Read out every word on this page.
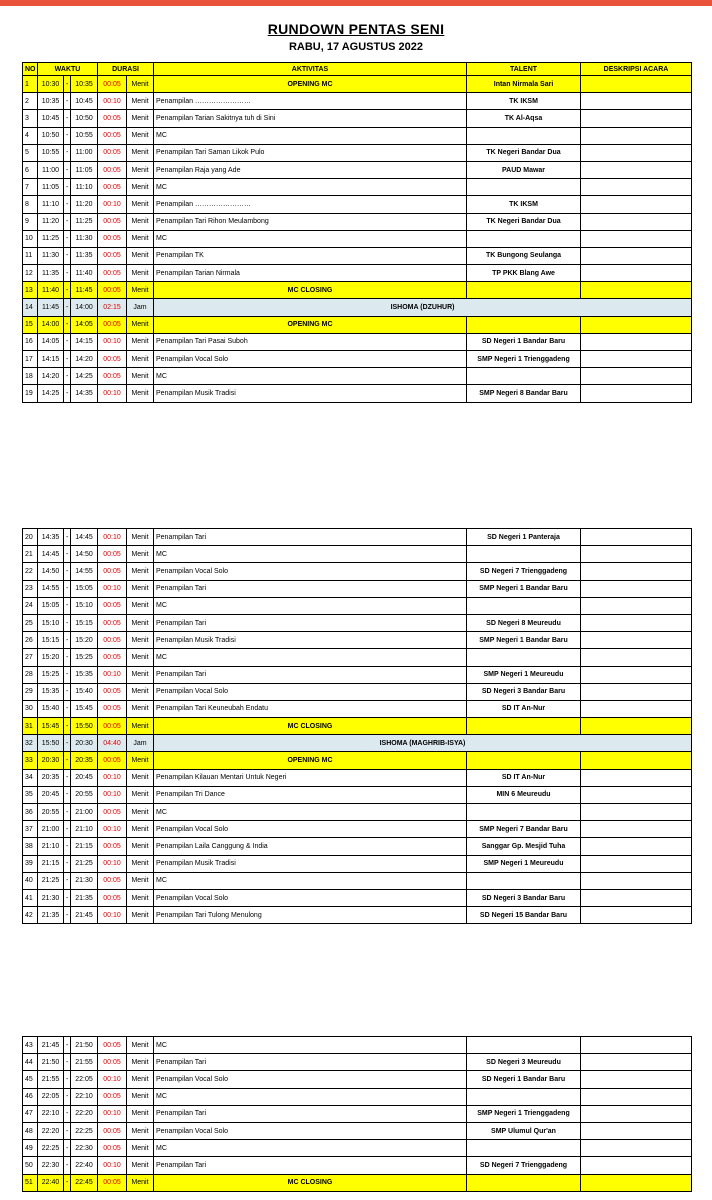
RUNDOWN PENTAS SENI
RABU, 17 AGUSTUS 2022
NO	WAKTU			DURASI		AKTIVITAS	TALENT	DESKRIPSI ACARA
1	10:30	-	10:35	00:05	Menit	OPENING MC	Intan Nirmala Sari	
2	10:35	-	10:45	00:10	Menit	Penampilan ……………………	TK IKSM	
3	10:45	-	10:50	00:05	Menit	Penampilan Tarian Sakitnya tuh di Sini	TK Al-Aqsa	
4	10:50	-	10:55	00:05	Menit	MC		
5	10:55	-	11:00	00:05	Menit	Penampilan Tari Saman Likok Pulo	TK Negeri Bandar Dua	
6	11:00	-	11:05	00:05	Menit	Penampilan Raja yang Ade	PAUD Mawar	
7	11:05	-	11:10	00:05	Menit	MC		
8	11:10	-	11:20	00:10	Menit	Penampilan ……………………	TK IKSM	
9	11:20	-	11:25	00:05	Menit	Penampilan Tari Rihon Meulambong	TK Negeri Bandar Dua	
10	11:25	-	11:30	00:05	Menit	MC		
11	11:30	-	11:35	00:05	Menit	Penampilan TK	TK Bungong Seulanga	
12	11:35	-	11:40	00:05	Menit	Penampilan Tarian Nirmala	TP PKK Blang Awe	
13	11:40	-	11:45	00:05	Menit	MC CLOSING		
14	11:45	-	14:00	02:15	Jam	ISHOMA (DZUHUR)		
15	14:00	-	14:05	00:05	Menit	OPENING MC		
16	14:05	-	14:15	00:10	Menit	Penampilan Tari Pasai Suboh	SD Negeri 1 Bandar Baru	
17	14:15	-	14:20	00:05	Menit	Penampilan Vocal Solo	SMP Negeri 1 Trienggadeng	
18	14:20	-	14:25	00:05	Menit	MC		
19	14:25	-	14:35	00:10	Menit	Penampilan Musik Tradisi	SMP Negeri 8 Bandar Baru	
20	14:35	-	14:45	00:10	Menit	Penampilan Tari	SD Negeri 1 Panteraja	
21	14:45	-	14:50	00:05	Menit	MC		
22	14:50	-	14:55	00:05	Menit	Penampilan Vocal Solo	SD Negeri 7 Trienggadeng	
23	14:55	-	15:05	00:10	Menit	Penampilan Tari	SMP Negeri 1 Bandar Baru	
24	15:05	-	15:10	00:05	Menit	MC		
25	15:10	-	15:15	00:05	Menit	Penampilan Tari	SD Negeri 8 Meureudu	
26	15:15	-	15:20	00:05	Menit	Penampilan Musik Tradisi	SMP Negeri 1 Bandar Baru	
27	15:20	-	15:25	00:05	Menit	MC		
28	15:25	-	15:35	00:10	Menit	Penampilan Tari	SMP Negeri 1 Meureudu	
29	15:35	-	15:40	00:05	Menit	Penampilan Vocal Solo	SD Negeri 3 Bandar Baru	
30	15:40	-	15:45	00:05	Menit	Penampilan Tari Keuneubah Endatu	SD IT An-Nur	
31	15:45	-	15:50	00:05	Menit	MC CLOSING		
32	15:50	-	20:30	04:40	Jam	ISHOMA (MAGHRIB-ISYA)		
33	20:30	-	20:35	00:05	Menit	OPENING MC		
34	20:35	-	20:45	00:10	Menit	Penampilan Kilauan Mentari Untuk Negeri	SD IT An-Nur	
35	20:45	-	20:55	00:10	Menit	Penampilan Tri Dance	MIN 6 Meureudu	
36	20:55	-	21:00	00:05	Menit	MC		
37	21:00	-	21:10	00:10	Menit	Penampilan Vocal Solo	SMP Negeri 7 Bandar Baru	
38	21:10	-	21:15	00:05	Menit	Penampilan Laila Canggung & India	Sanggar Gp. Mesjid Tuha	
39	21:15	-	21:25	00:10	Menit	Penampilan Musik Tradisi	SMP Negeri 1 Meureudu	
40	21:25	-	21:30	00:05	Menit	MC		
41	21:30	-	21:35	00:05	Menit	Penampilan Vocal Solo	SD Negeri 3 Bandar Baru	
42	21:35	-	21:45	00:10	Menit	Penampilan Tari Tulong Menulong	SD Negeri 15 Bandar Baru	
43	21:45	-	21:50	00:05	Menit	MC		
44	21:50	-	21:55	00:05	Menit	Penampilan Tari	SD Negeri 3 Meureudu	
45	21:55	-	22:05	00:10	Menit	Penampilan Vocal Solo	SD Negeri 1 Bandar Baru	
46	22:05	-	22:10	00:05	Menit	MC		
47	22:10	-	22:20	00:10	Menit	Penampilan Tari	SMP Negeri 1 Trienggadeng	
48	22:20	-	22:25	00:05	Menit	Penampilan Vocal Solo	SMP Ulumul Qur'an	
49	22:25	-	22:30	00:05	Menit	MC		
50	22:30	-	22:40	00:10	Menit	Penampilan Tari	SD Negeri 7 Trienggadeng	
51	22:40	-	22:45	00:05	Menit	MC CLOSING		
